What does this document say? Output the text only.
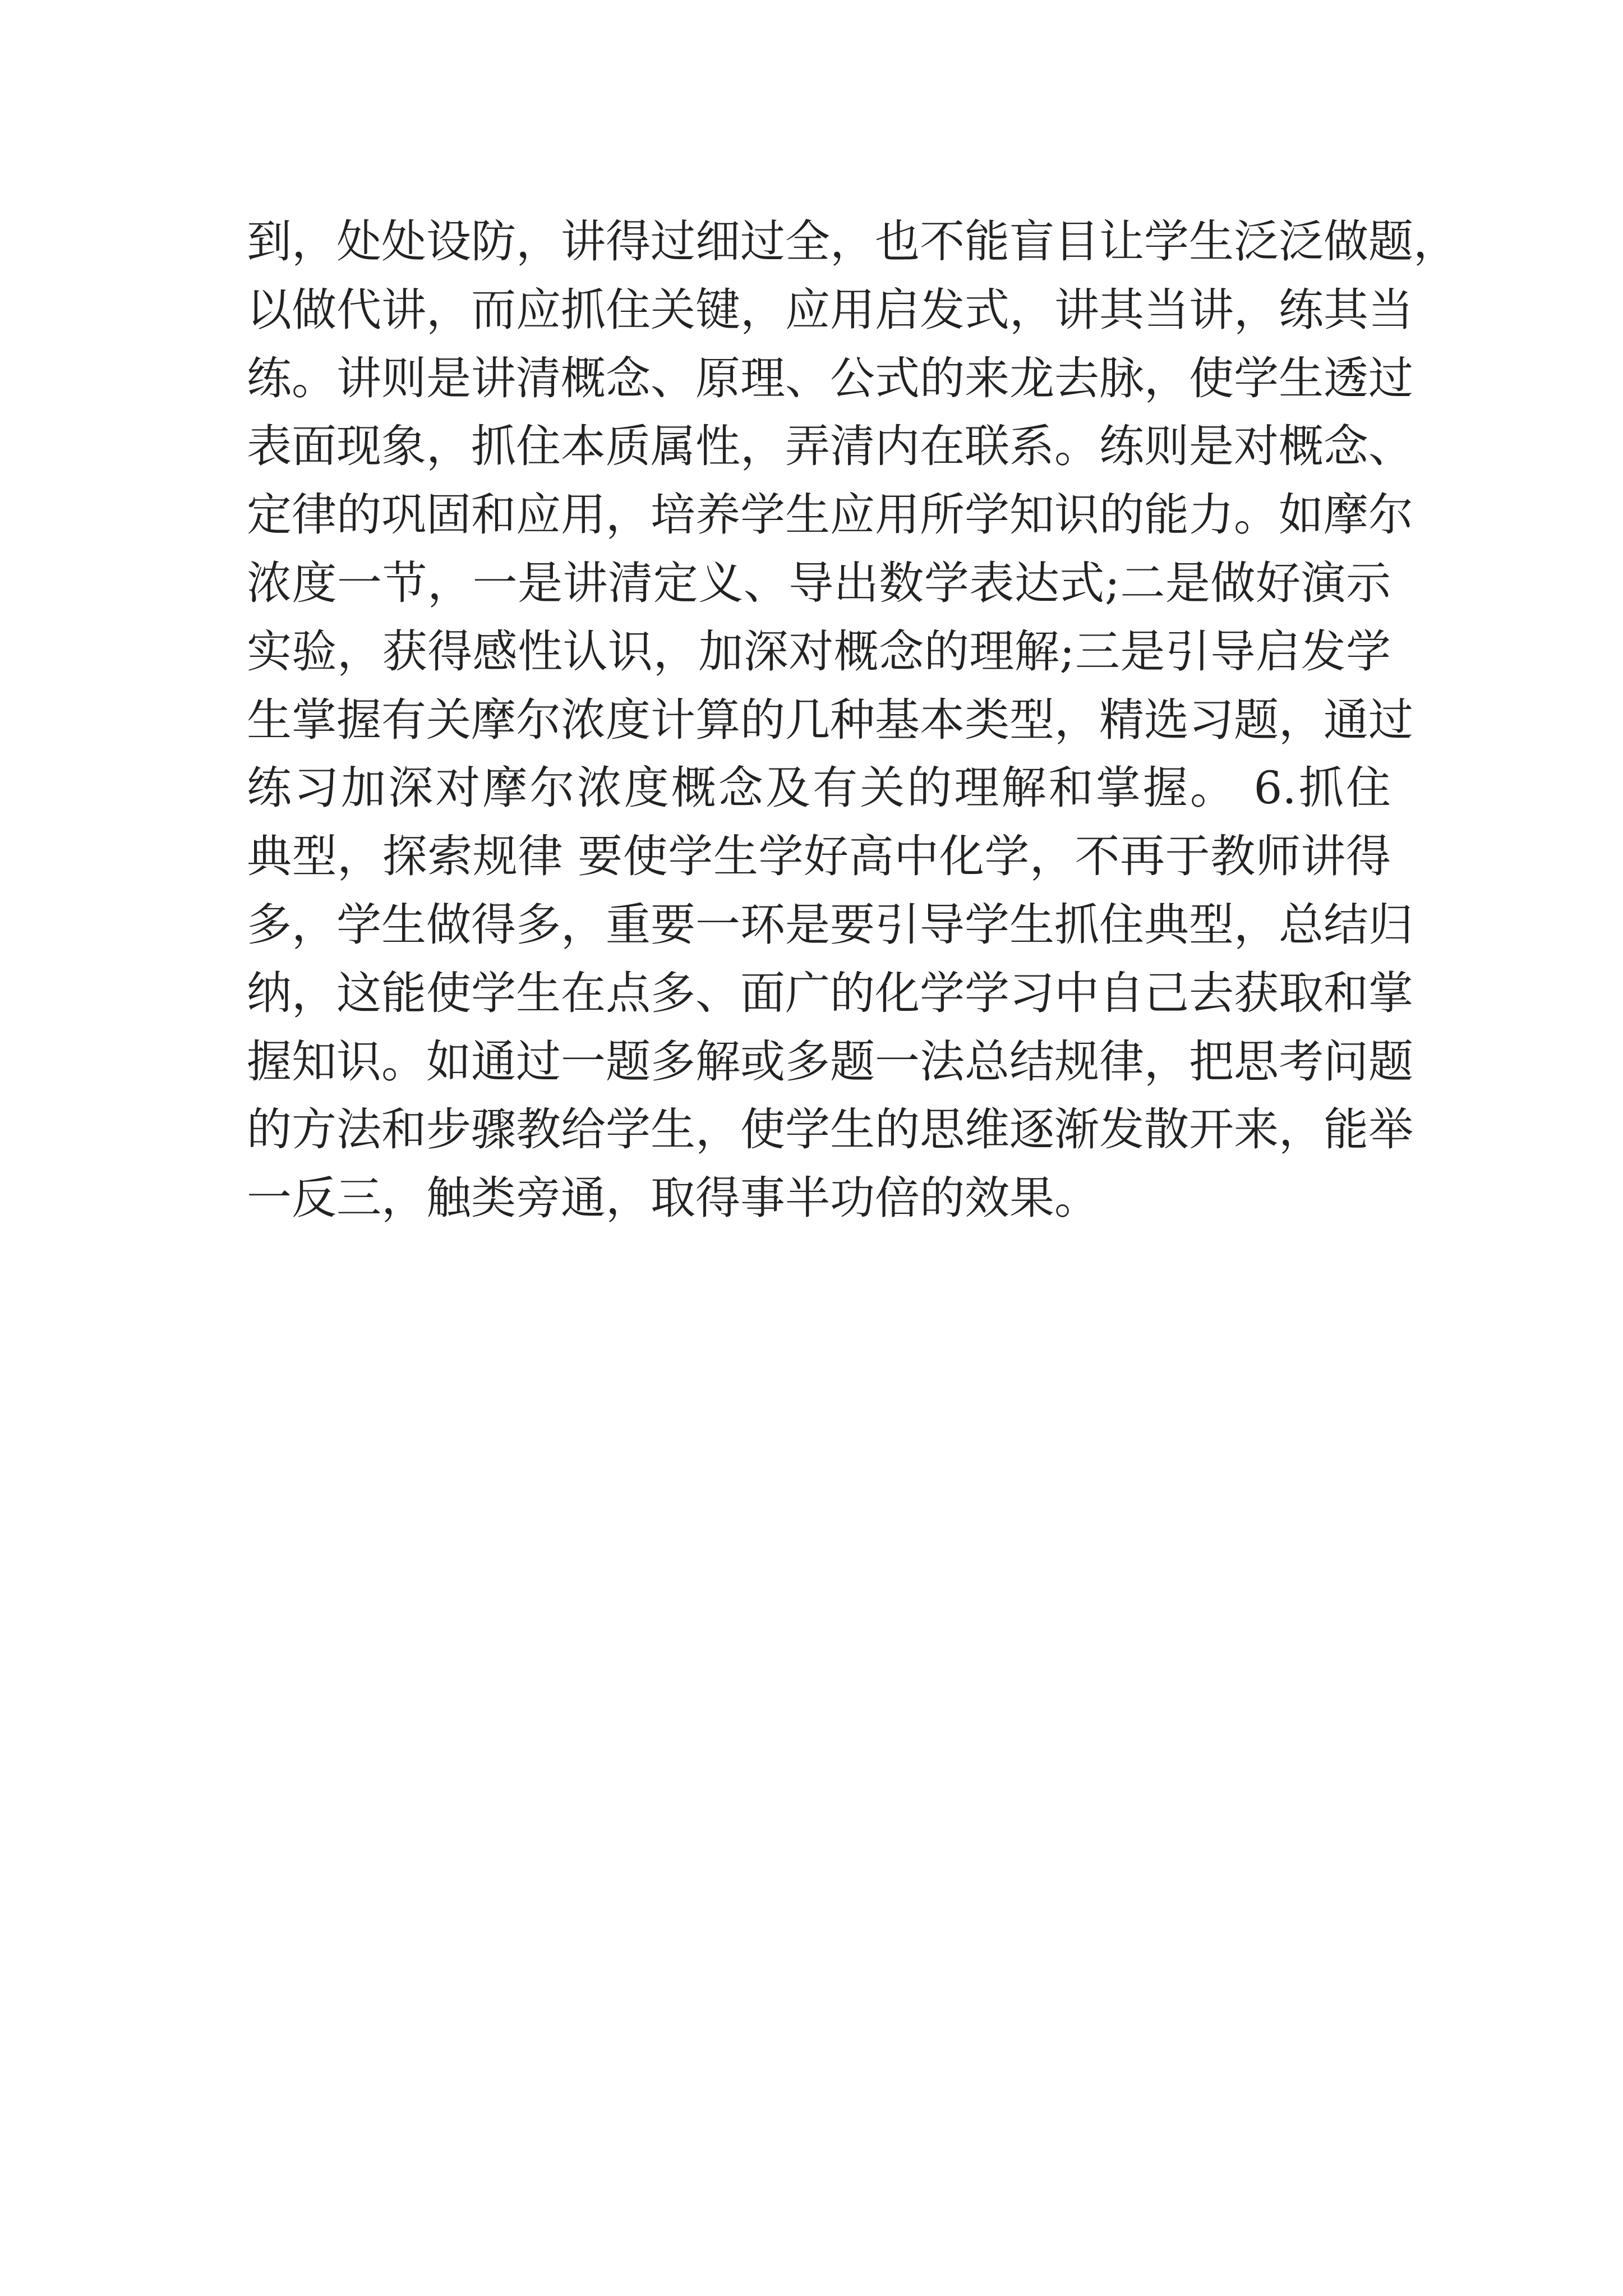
到，处处设防，讲得过细过全，也不能盲目让学生泛泛做题，
以做代讲，而应抓住关键，应用启发式，讲其当讲，练其当
练。讲则是讲清概念、原理、公式的来龙去脉，使学生透过
表面现象，抓住本质属性，弄清内在联系。练则是对概念、
定律的巩固和应用，培养学生应用所学知识的能力。如摩尔
浓度一节，一是讲清定义、导出数学表达式;二是做好演示
实验，获得感性认识，加深对概念的理解;三是引导启发学
生掌握有关摩尔浓度计算的几种基本类型，精选习题，通过
练习加深对摩尔浓度概念及有关的理解和掌握。 6.抓住
典型，探索规律 要使学生学好高中化学，不再于教师讲得
多，学生做得多，重要一环是要引导学生抓住典型，总结归
纳，这能使学生在点多、面广的化学学习中自己去获取和掌
握知识。如通过一题多解或多题一法总结规律，把思考问题
的方法和步骤教给学生，使学生的思维逐渐发散开来，能举
一反三，触类旁通，取得事半功倍的效果。
